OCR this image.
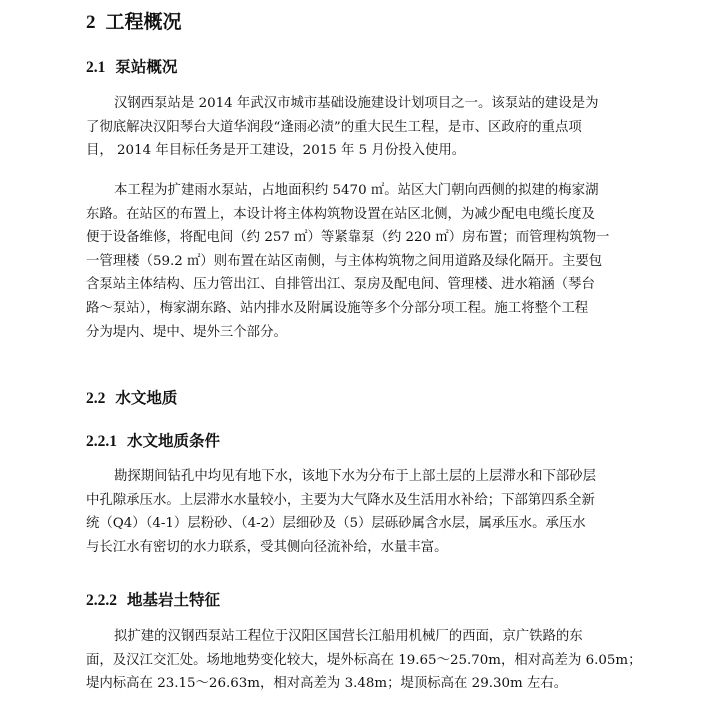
2 工程概况
2.1 泵站概况
汉钢西泵站是 2014 年武汉市城市基础设施建设计划项目之一。该泵站的建设是为
了彻底解决汉阳琴台大道华润段“逢雨必渍”的重大民生工程，是市、区政府的重点项
目， 2014 年目标任务是开工建设，2015 年 5 月份投入使用。
本工程为扩建雨水泵站，占地面积约 5470 ㎡。站区大门朝向西侧的拟建的梅家湖
东路。在站区的布置上，本设计将主体构筑物设置在站区北侧，为减少配电电缆长度及
便于设备维修，将配电间（约 257 ㎡）等紧靠泵（约 220 ㎡）房布置；而管理构筑物一
一管理楼（59.2 ㎡）则布置在站区南侧，与主体构筑物之间用道路及绿化隔开。主要包
含泵站主体结构、压力管出江、自排管出江、泵房及配电间、管理楼、进水箱涵（琴台
路～泵站），梅家湖东路、站内排水及附属设施等多个分部分项工程。施工将整个工程
分为堤内、堤中、堤外三个部分。
2.2 水文地质
2.2.1 水文地质条件
勘探期间钻孔中均见有地下水，该地下水为分布于上部土层的上层滞水和下部砂层
中孔隙承压水。上层滞水水量较小，主要为大气降水及生活用水补给；下部第四系全新
统（Q4）（4-1）层粉砂、（4-2）层细砂及（5）层砾砂属含水层，属承压水。承压水
与长江水有密切的水力联系，受其侧向径流补给，水量丰富。
2.2.2 地基岩土特征
拟扩建的汉钢西泵站工程位于汉阳区国营长江船用机械厂的西面，京广铁路的东
面，及汉江交汇处。场地地势变化较大，堤外标高在 19.65～25.70m，相对高差为 6.05m；
堤内标高在 23.15～26.63m，相对高差为 3.48m；堤顶标高在 29.30m 左右。
